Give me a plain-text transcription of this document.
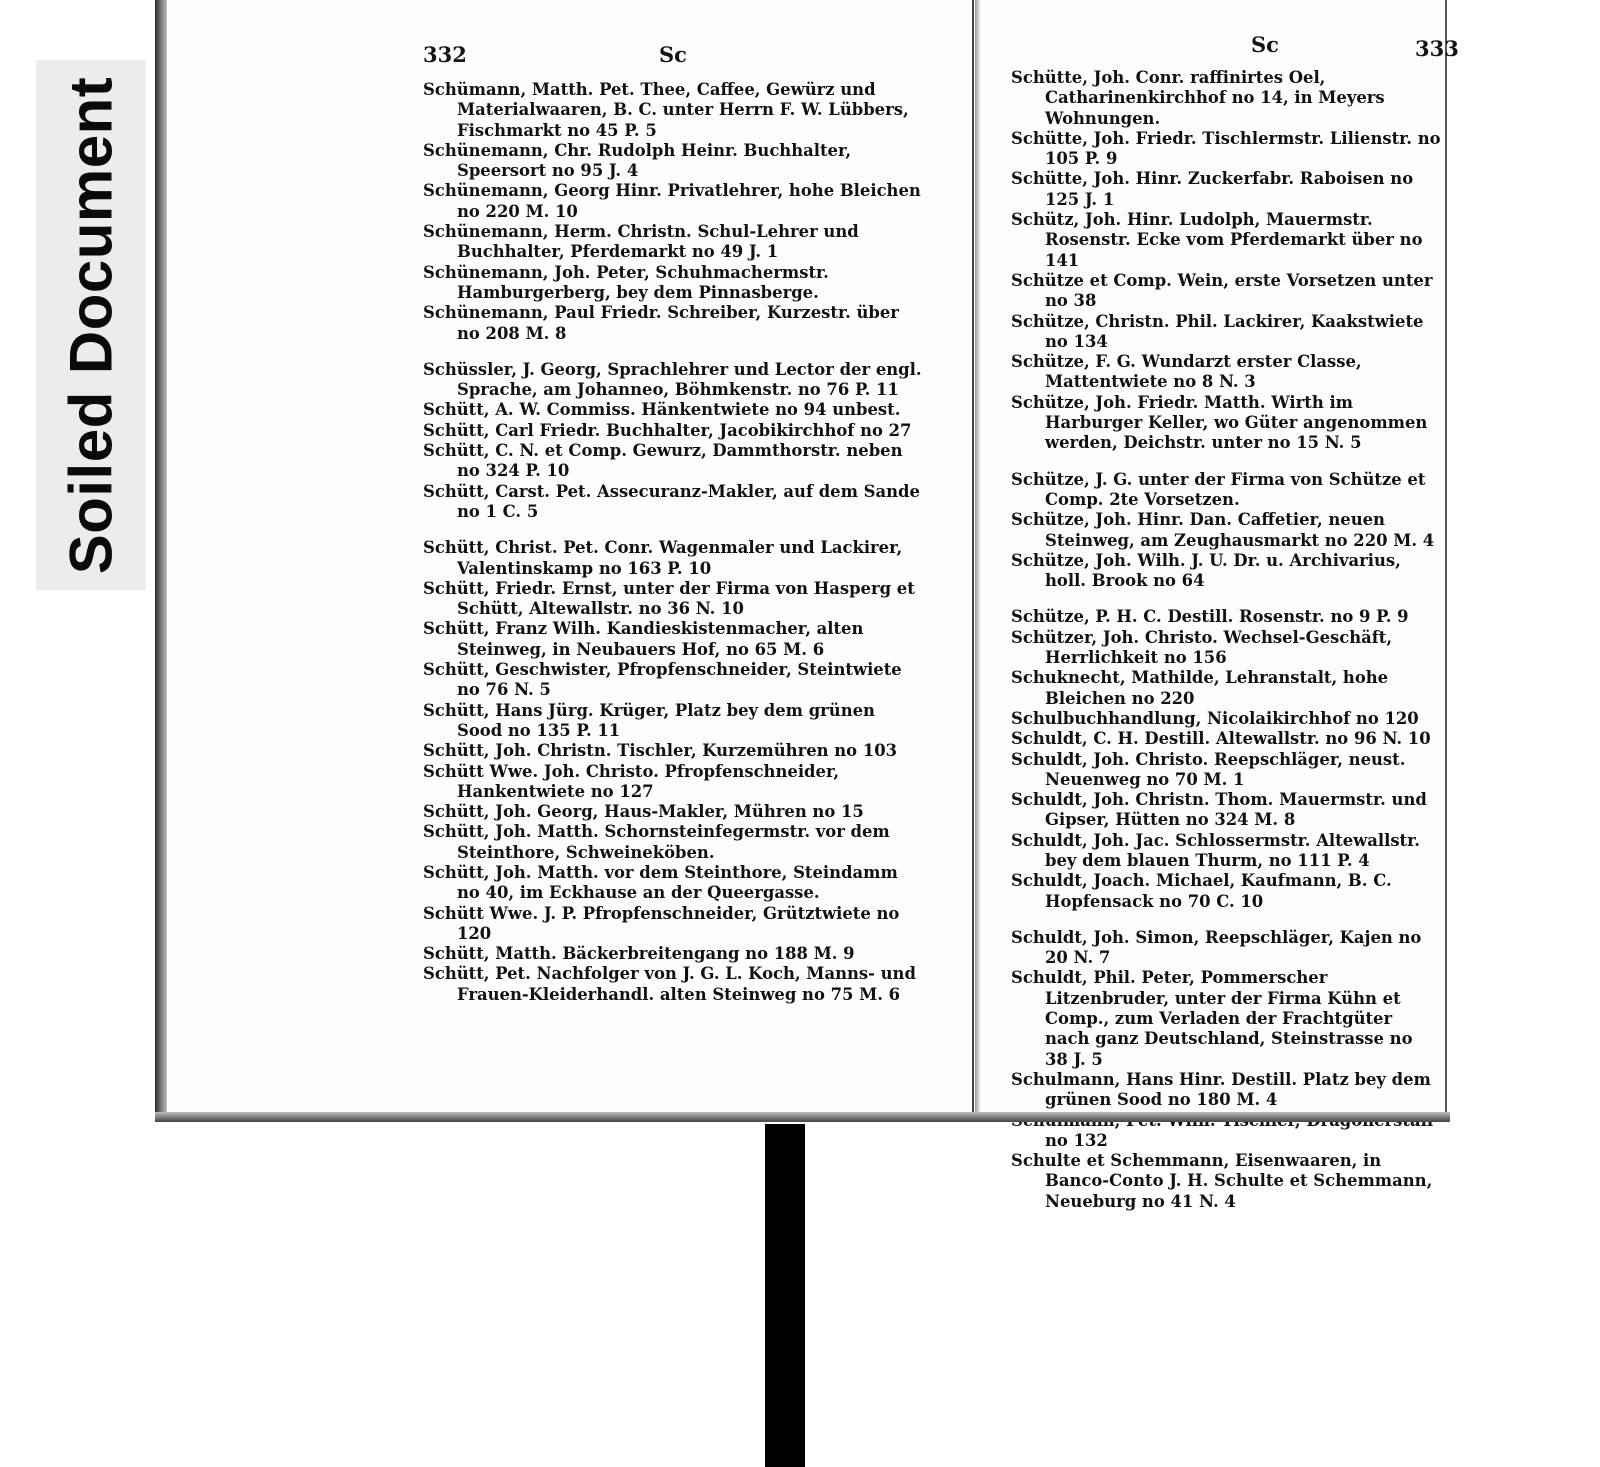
Soiled Document
332	Sc
Schümann, Matth. Pet. Thee, Caffee, Gewürz und Materialwaaren, B. C. unter Herrn F. W. Lübbers, Fischmarkt no 45 P. 5
Schünemann, Chr. Rudolph Heinr. Buchhalter, Speersort no 95 J. 4
Schünemann, Georg Hinr. Privatlehrer, hohe Bleichen no 220 M. 10
Schünemann, Herm. Christn. Schul-Lehrer und Buchhalter, Pferdemarkt no 49 J. 1
Schünemann, Joh. Peter, Schuhmachermstr. Hamburgerberg, bey dem Pinnasberge.
Schünemann, Paul Friedr. Schreiber, Kurzestr. über no 208 M. 8
Schüssler, J. Georg, Sprachlehrer und Lector der engl. Sprache, am Johanneo, Böhmkenstr. no 76 P. 11
Schütt, A. W. Commiss. Hänkentwiete no 94 unbest.
Schütt, Carl Friedr. Buchhalter, Jacobikirchhof no 27
Schütt, C. N. et Comp. Gewurz, Dammthorstr. neben no 324 P. 10
Schütt, Carst. Pet. Assecuranz-Makler, auf dem Sande no 1 C. 5
Schütt, Christ. Pet. Conr. Wagenmaler und Lackirer, Valentinskamp no 163 P. 10
Schütt, Friedr. Ernst, unter der Firma von Hasperg et Schütt, Altewallstr. no 36 N. 10
Schütt, Franz Wilh. Kandieskistenmacher, alten Steinweg, in Neubauers Hof, no 65 M. 6
Schütt, Geschwister, Pfropfenschneider, Steintwiete no 76 N. 5
Schütt, Hans Jürg. Krüger, Platz bey dem grünen Sood no 135 P. 11
Schütt, Joh. Christn. Tischler, Kurzemühren no 103
Schütt Wwe. Joh. Christo. Pfropfenschneider, Hankentwiete no 127
Schütt, Joh. Georg, Haus-Makler, Mühren no 15
Schütt, Joh. Matth. Schornsteinfegermstr. vor dem Steinthore, Schweineköben.
Schütt, Joh. Matth. vor dem Steinthore, Steindamm no 40, im Eckhause an der Queergasse.
Schütt Wwe. J. P. Pfropfenschneider, Grütztwiete no 120
Schütt, Matth. Bäckerbreitengang no 188 M. 9
Schütt, Pet. Nachfolger von J. G. L. Koch, Manns- und Frauen-Kleiderhandl. alten Steinweg no 75 M. 6
Sc	333
Schütte, Joh. Conr. raffinirtes Oel, Catharinenkirchhof no 14, in Meyers Wohnungen.
Schütte, Joh. Friedr. Tischlermstr. Lilienstr. no 105 P. 9
Schütte, Joh. Hinr. Zuckerfabr. Raboisen no 125 J. 1
Schütz, Joh. Hinr. Ludolph, Mauermstr. Rosenstr. Ecke vom Pferdemarkt über no 141
Schütze et Comp. Wein, erste Vorsetzen unter no 38
Schütze, Christn. Phil. Lackirer, Kaakstwiete no 134
Schütze, F. G. Wundarzt erster Classe, Mattentwiete no 8 N. 3
Schütze, Joh. Friedr. Matth. Wirth im Harburger Keller, wo Güter angenommen werden, Deichstr. unter no 15 N. 5
Schütze, J. G. unter der Firma von Schütze et Comp. 2te Vorsetzen.
Schütze, Joh. Hinr. Dan. Caffetier, neuen Steinweg, am Zeughausmarkt no 220 M. 4
Schütze, Joh. Wilh. J. U. Dr. u. Archivarius, holl. Brook no 64
Schütze, P. H. C. Destill. Rosenstr. no 9 P. 9
Schützer, Joh. Christo. Wechsel-Geschäft, Herrlichkeit no 156
Schuknecht, Mathilde, Lehranstalt, hohe Bleichen no 220
Schulbuchhandlung, Nicolaikirchhof no 120
Schuldt, C. H. Destill. Altewallstr. no 96 N. 10
Schuldt, Joh. Christo. Reepschläger, neust. Neuenweg no 70 M. 1
Schuldt, Joh. Christn. Thom. Mauermstr. und Gipser, Hütten no 324 M. 8
Schuldt, Joh. Jac. Schlossermstr. Altewallstr. bey dem blauen Thurm, no 111 P. 4
Schuldt, Joach. Michael, Kaufmann, B. C. Hopfensack no 70 C. 10
Schuldt, Joh. Simon, Reepschläger, Kajen no 20 N. 7
Schuldt, Phil. Peter, Pommerscher Litzenbruder, unter der Firma Kühn et Comp., zum Verladen der Frachtgüter nach ganz Deutschland, Steinstrasse no 38 J. 5
Schulmann, Hans Hinr. Destill. Platz bey dem grünen Sood no 180 M. 4
no 132
Schulte et Schemmann, Eisenwaaren, in Banco-Conto J. H. Schulte et Schemmann, Neueburg no 41 N. 4
